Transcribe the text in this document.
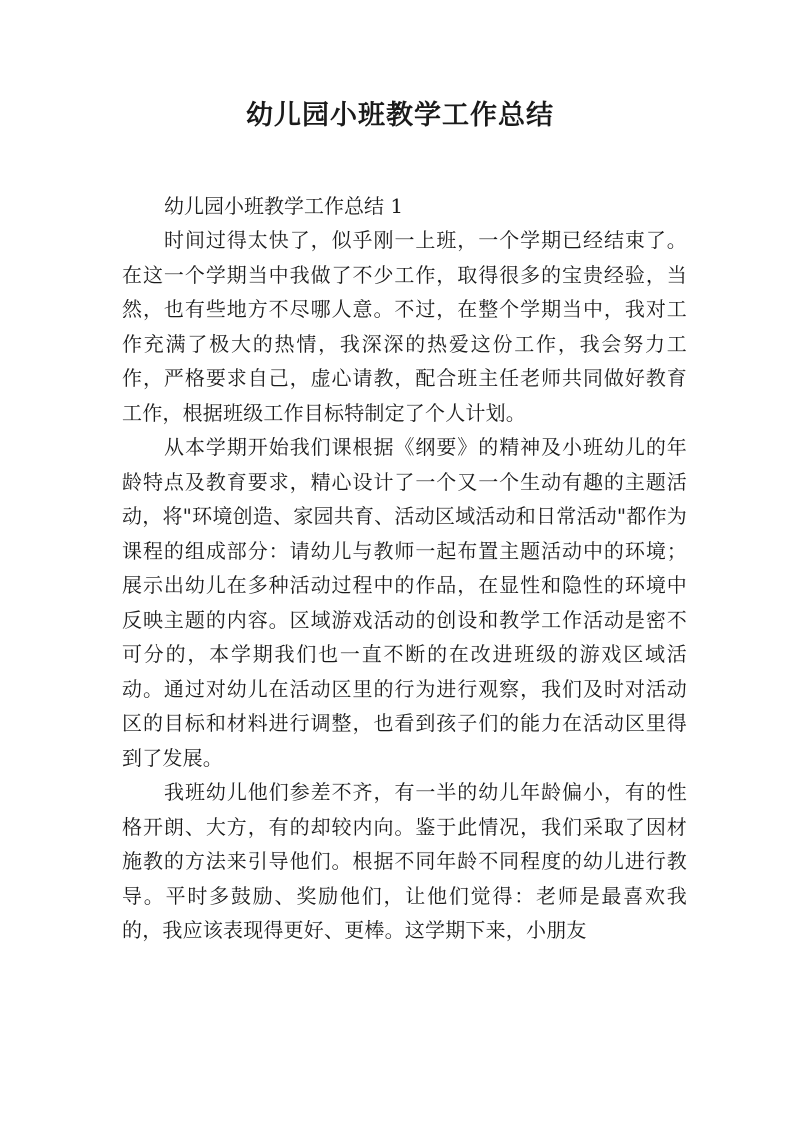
幼儿园小班教学工作总结

幼儿园小班教学工作总结 1

时间过得太快了，似乎刚一上班，一个学期已经结束了。在这一个学期当中我做了不少工作，取得很多的宝贵经验，当然，也有些地方不尽哪人意。不过，在整个学期当中，我对工作充满了极大的热情，我深深的热爱这份工作，我会努力工作，严格要求自己，虚心请教，配合班主任老师共同做好教育工作，根据班级工作目标特制定了个人计划。

从本学期开始我们课根据《纲要》的精神及小班幼儿的年龄特点及教育要求，精心设计了一个又一个生动有趣的主题活动，将"环境创造、家园共育、活动区域活动和日常活动"都作为课程的组成部分：请幼儿与教师一起布置主题活动中的环境；展示出幼儿在多种活动过程中的作品，在显性和隐性的环境中反映主题的内容。区域游戏活动的创设和教学工作活动是密不可分的，本学期我们也一直不断的在改进班级的游戏区域活动。通过对幼儿在活动区里的行为进行观察，我们及时对活动区的目标和材料进行调整，也看到孩子们的能力在活动区里得到了发展。

我班幼儿他们参差不齐，有一半的幼儿年龄偏小，有的性格开朗、大方，有的却较内向。鉴于此情况，我们采取了因材施教的方法来引导他们。根据不同年龄不同程度的幼儿进行教导。平时多鼓励、奖励他们，让他们觉得：老师是最喜欢我的，我应该表现得更好、更棒。这学期下来，小朋友
